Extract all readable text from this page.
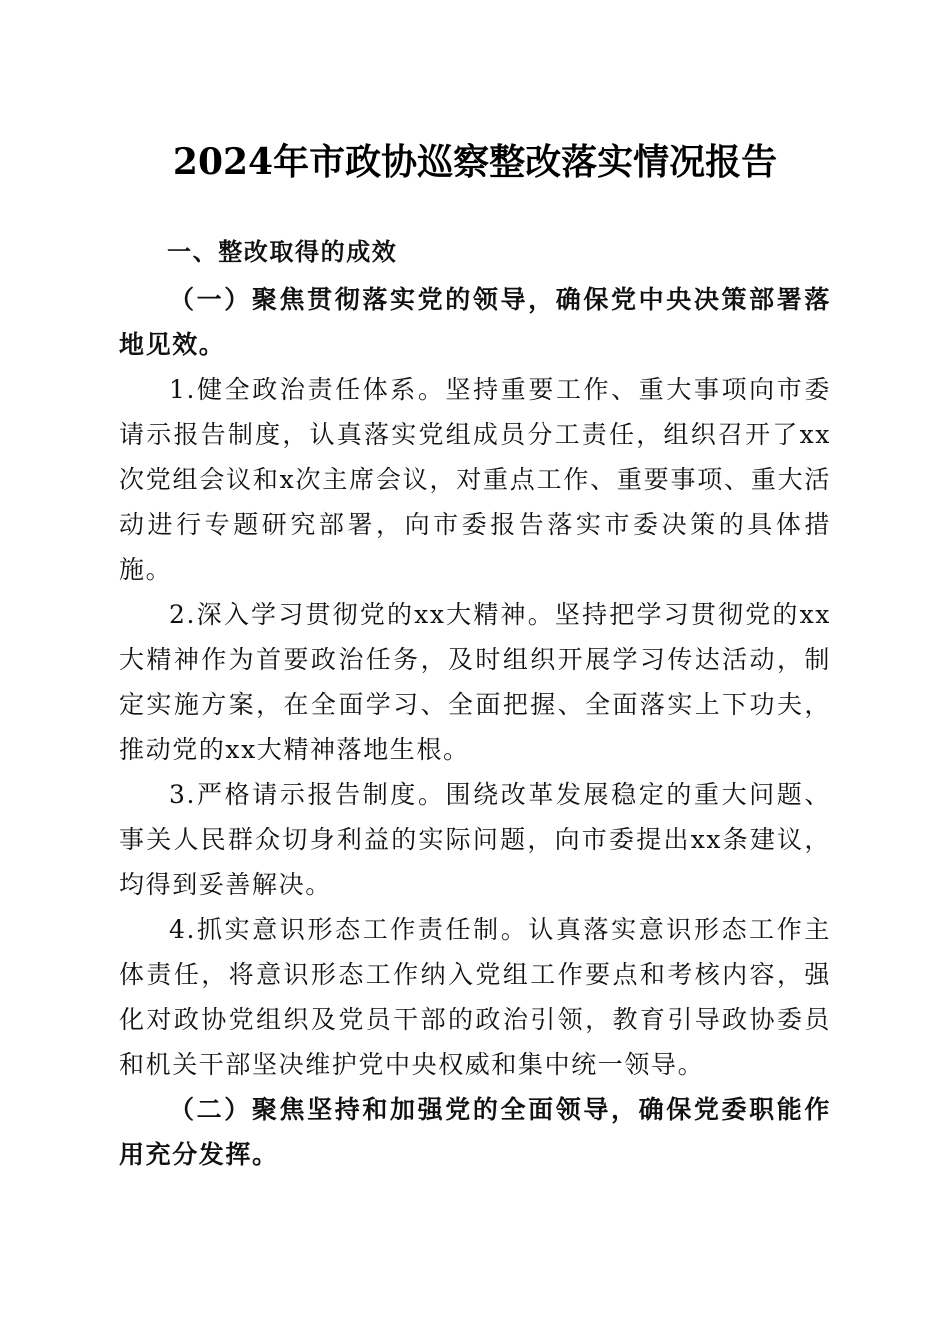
2024年市政协巡察整改落实情况报告

一、整改取得的成效

（一）聚焦贯彻落实党的领导，确保党中央决策部署落地见效。

1.健全政治责任体系。坚持重要工作、重大事项向市委请示报告制度，认真落实党组成员分工责任，组织召开了xx次党组会议和x次主席会议，对重点工作、重要事项、重大活动进行专题研究部署，向市委报告落实市委决策的具体措施。

2.深入学习贯彻党的xx大精神。坚持把学习贯彻党的xx大精神作为首要政治任务，及时组织开展学习传达活动，制定实施方案，在全面学习、全面把握、全面落实上下功夫，推动党的xx大精神落地生根。

3.严格请示报告制度。围绕改革发展稳定的重大问题、事关人民群众切身利益的实际问题，向市委提出xx条建议，均得到妥善解决。

4.抓实意识形态工作责任制。认真落实意识形态工作主体责任，将意识形态工作纳入党组工作要点和考核内容，强化对政协党组织及党员干部的政治引领，教育引导政协委员和机关干部坚决维护党中央权威和集中统一领导。

（二）聚焦坚持和加强党的全面领导，确保党委职能作用充分发挥。
